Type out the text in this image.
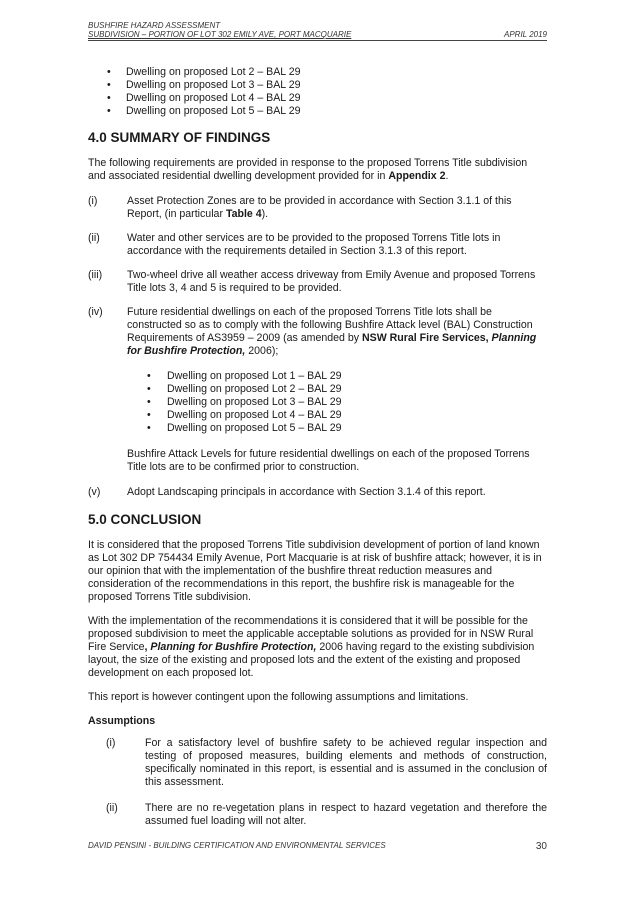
BUSHFIRE HAZARD ASSESSMENT
SUBDIVISION – PORTION OF LOT 302 EMILY AVE, PORT MACQUARIE	APRIL 2019
• Dwelling on proposed Lot 2 – BAL 29
• Dwelling on proposed Lot 3 – BAL 29
• Dwelling on proposed Lot 4 – BAL 29
• Dwelling on proposed Lot 5 – BAL 29
4.0 SUMMARY OF FINDINGS

The following requirements are provided in response to the proposed Torrens Title subdivision and associated residential dwelling development provided for in Appendix 2.

(i)	Asset Protection Zones are to be provided in accordance with Section 3.1.1 of this Report, (in particular Table 4).
(ii)	Water and other services are to be provided to the proposed Torrens Title lots in accordance with the requirements detailed in Section 3.1.3 of this report.
(iii)	Two-wheel drive all weather access driveway from Emily Avenue and proposed Torrens Title lots 3, 4 and 5 is required to be provided.
(iv)	Future residential dwellings on each of the proposed Torrens Title lots shall be constructed so as to comply with the following Bushfire Attack level (BAL) Construction Requirements of AS3959 – 2009 (as amended by NSW Rural Fire Services, Planning for Bushfire Protection, 2006);
• Dwelling on proposed Lot 1 – BAL 29
• Dwelling on proposed Lot 2 – BAL 29
• Dwelling on proposed Lot 3 – BAL 29
• Dwelling on proposed Lot 4 – BAL 29
• Dwelling on proposed Lot 5 – BAL 29

Bushfire Attack Levels for future residential dwellings on each of the proposed Torrens Title lots are to be confirmed prior to construction.

(v)	Adopt Landscaping principals in accordance with Section 3.1.4 of this report.
5.0 CONCLUSION

It is considered that the proposed Torrens Title subdivision development of portion of land known as Lot 302 DP 754434 Emily Avenue, Port Macquarie is at risk of bushfire attack; however, it is in our opinion that with the implementation of the bushfire threat reduction measures and consideration of the recommendations in this report, the bushfire risk is manageable for the proposed Torrens Title subdivision.

With the implementation of the recommendations it is considered that it will be possible for the proposed subdivision to meet the applicable acceptable solutions as provided for in NSW Rural Fire Service, Planning for Bushfire Protection, 2006 having regard to the existing subdivision layout, the size of the existing and proposed lots and the extent of the existing and proposed development on each proposed lot.

This report is however contingent upon the following assumptions and limitations.

Assumptions

(i)	For a satisfactory level of bushfire safety to be achieved regular inspection and testing of proposed measures, building elements and methods of construction, specifically nominated in this report, is essential and is assumed in the conclusion of this assessment.
(ii)	There are no re-vegetation plans in respect to hazard vegetation and therefore the assumed fuel loading will not alter.
DAVID PENSINI - BUILDING CERTIFICATION AND ENVIRONMENTAL SERVICES	30
